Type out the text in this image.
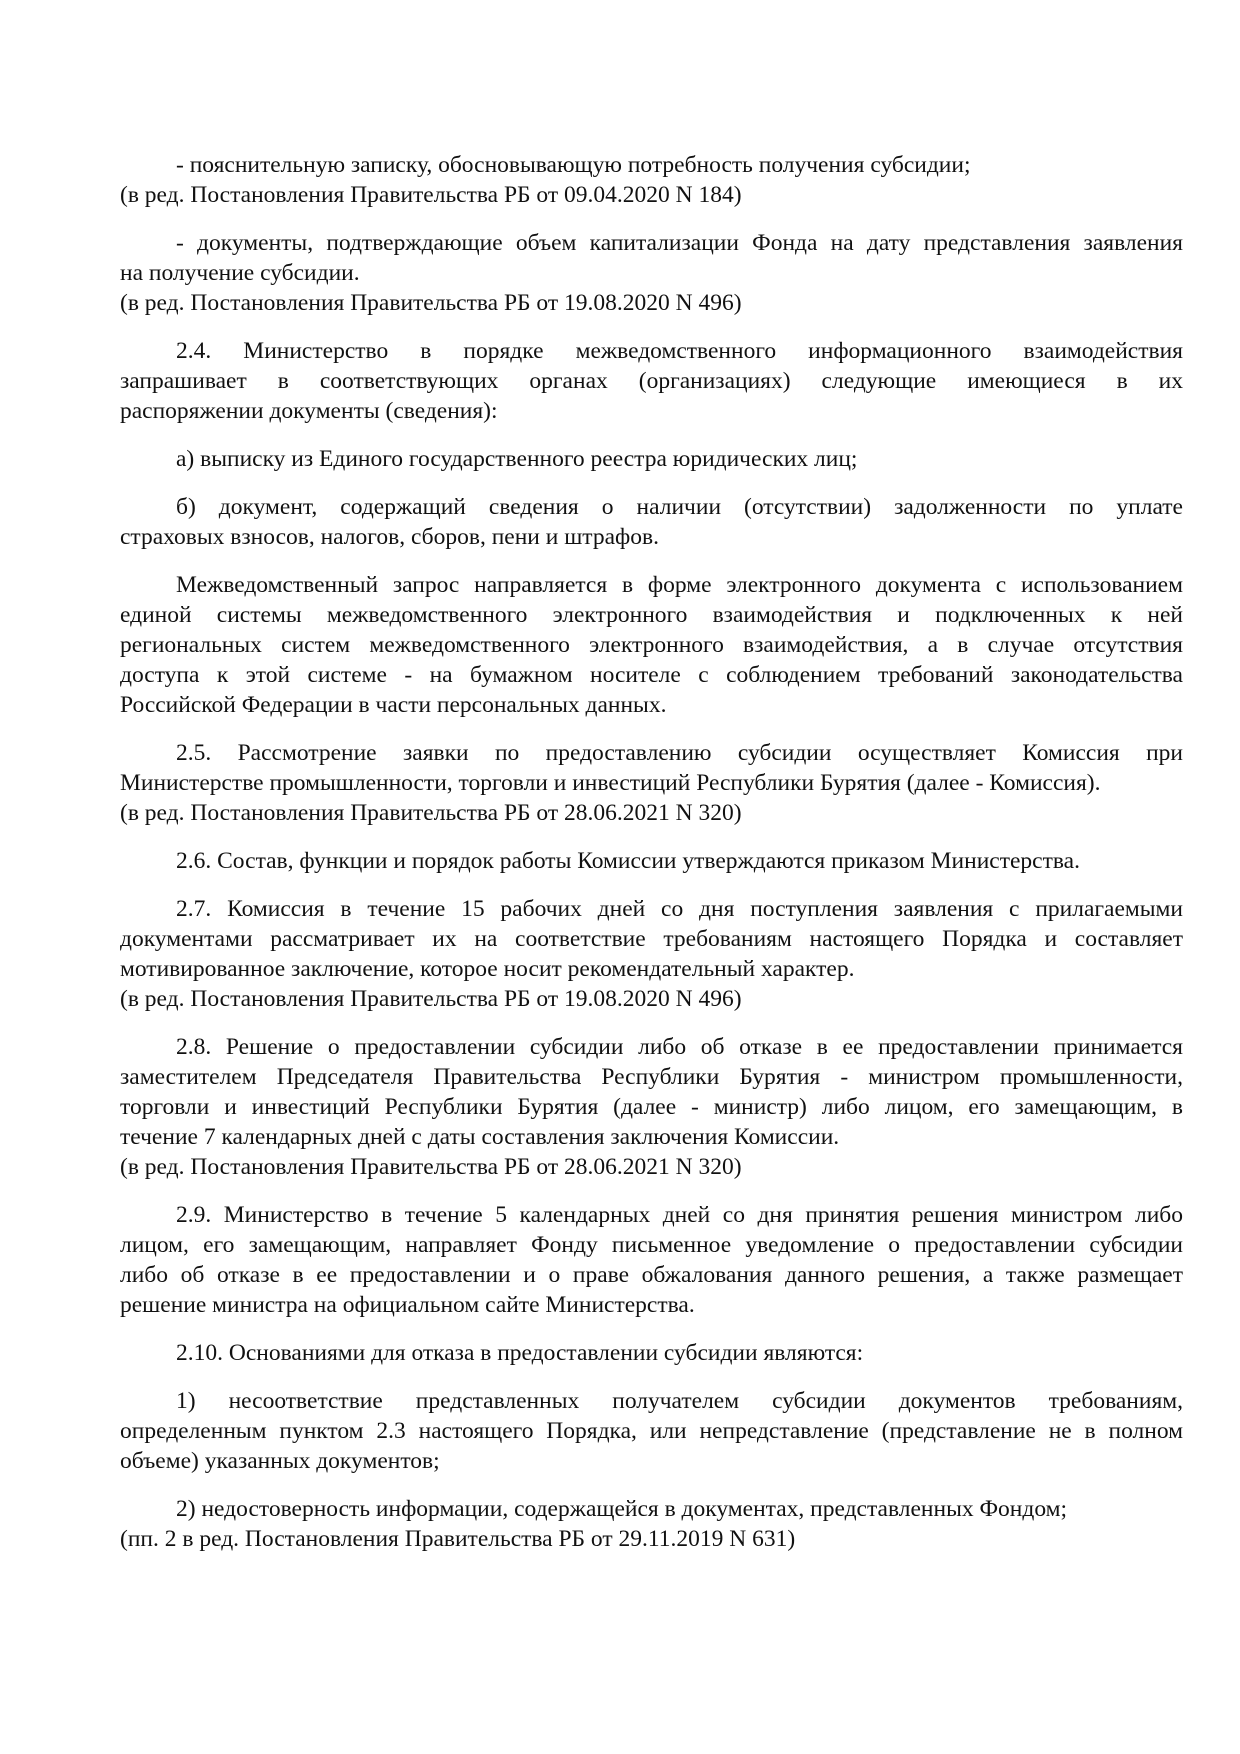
- пояснительную записку, обосновывающую потребность получения субсидии;
(в ред. Постановления Правительства РБ от 09.04.2020 N 184)
- документы, подтверждающие объем капитализации Фонда на дату представления заявления
на получение субсидии.
(в ред. Постановления Правительства РБ от 19.08.2020 N 496)
2.4. Министерство в порядке межведомственного информационного взаимодействия
запрашивает в соответствующих органах (организациях) следующие имеющиеся в их
распоряжении документы (сведения):
а) выписку из Единого государственного реестра юридических лиц;
б) документ, содержащий сведения о наличии (отсутствии) задолженности по уплате
страховых взносов, налогов, сборов, пени и штрафов.
Межведомственный запрос направляется в форме электронного документа с использованием
единой системы межведомственного электронного взаимодействия и подключенных к ней
региональных систем межведомственного электронного взаимодействия, а в случае отсутствия
доступа к этой системе - на бумажном носителе с соблюдением требований законодательства
Российской Федерации в части персональных данных.
2.5. Рассмотрение заявки по предоставлению субсидии осуществляет Комиссия при
Министерстве промышленности, торговли и инвестиций Республики Бурятия (далее - Комиссия).
(в ред. Постановления Правительства РБ от 28.06.2021 N 320)
2.6. Состав, функции и порядок работы Комиссии утверждаются приказом Министерства.
2.7. Комиссия в течение 15 рабочих дней со дня поступления заявления с прилагаемыми
документами рассматривает их на соответствие требованиям настоящего Порядка и составляет
мотивированное заключение, которое носит рекомендательный характер.
(в ред. Постановления Правительства РБ от 19.08.2020 N 496)
2.8. Решение о предоставлении субсидии либо об отказе в ее предоставлении принимается
заместителем Председателя Правительства Республики Бурятия - министром промышленности,
торговли и инвестиций Республики Бурятия (далее - министр) либо лицом, его замещающим, в
течение 7 календарных дней с даты составления заключения Комиссии.
(в ред. Постановления Правительства РБ от 28.06.2021 N 320)
2.9. Министерство в течение 5 календарных дней со дня принятия решения министром либо
лицом, его замещающим, направляет Фонду письменное уведомление о предоставлении субсидии
либо об отказе в ее предоставлении и о праве обжалования данного решения, а также размещает
решение министра на официальном сайте Министерства.
2.10. Основаниями для отказа в предоставлении субсидии являются:
1) несоответствие представленных получателем субсидии документов требованиям,
определенным пунктом 2.3 настоящего Порядка, или непредставление (представление не в полном
объеме) указанных документов;
2) недостоверность информации, содержащейся в документах, представленных Фондом;
(пп. 2 в ред. Постановления Правительства РБ от 29.11.2019 N 631)
